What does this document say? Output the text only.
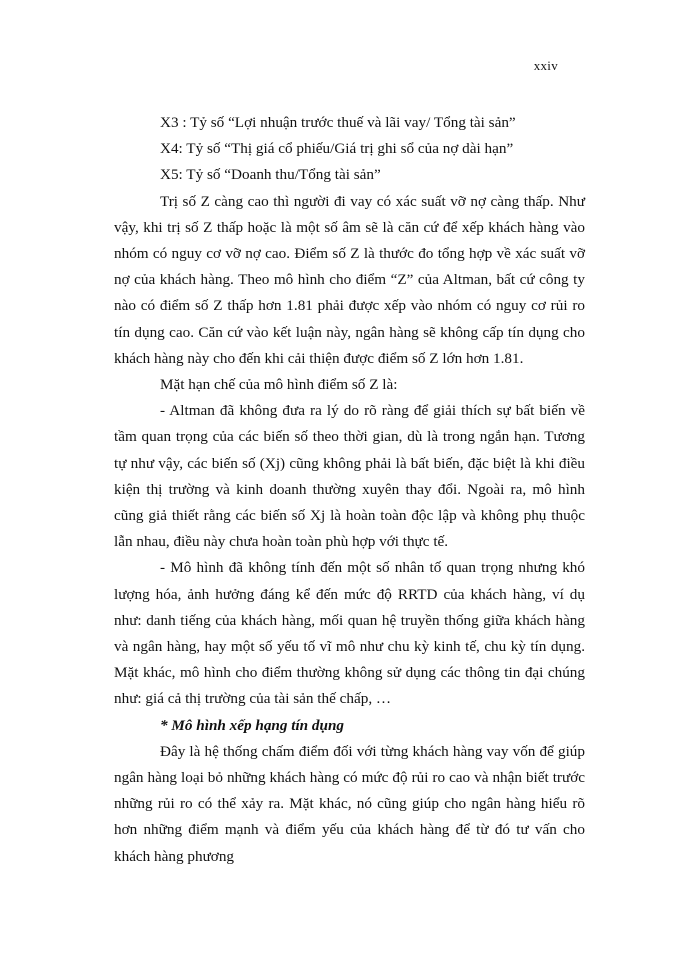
xxiv

X3 : Tỷ số “Lợi nhuận trước thuế và lãi vay/ Tổng tài sản”

X4: Tỷ số “Thị giá cổ phiếu/Giá trị ghi sổ của nợ dài hạn”

X5: Tỷ số “Doanh thu/Tổng tài sản”

Trị số Z càng cao thì người đi vay có xác suất vỡ nợ càng thấp. Như vậy, khi trị số Z thấp hoặc là một số âm sẽ là căn cứ để xếp khách hàng vào nhóm có nguy cơ vỡ nợ cao. Điểm số Z là thước đo tổng hợp về xác suất vỡ nợ của khách hàng. Theo mô hình cho điểm “Z” của Altman, bất cứ công ty nào có điểm số Z thấp hơn 1.81 phải được xếp vào nhóm có nguy cơ rủi ro tín dụng cao. Căn cứ vào kết luận này, ngân hàng sẽ không cấp tín dụng cho khách hàng này cho đến khi cải thiện được điểm số Z lớn hơn 1.81.

Mặt hạn chế của mô hình điểm số Z là:

- Altman đã không đưa ra lý do rõ ràng để giải thích sự bất biến về tầm quan trọng của các biến số theo thời gian, dù là trong ngắn hạn. Tương tự như vậy, các biến số (Xj) cũng không phải là bất biến, đặc biệt là khi điều kiện thị trường và kinh doanh thường xuyên thay đổi. Ngoài ra, mô hình cũng giả thiết rằng các biến số Xj là hoàn toàn độc lập và không phụ thuộc lẫn nhau, điều này chưa hoàn toàn phù hợp với thực tế.

- Mô hình đã không tính đến một số nhân tố quan trọng nhưng khó lượng hóa, ảnh hưởng đáng kể đến mức độ RRTD của khách hàng, ví dụ như: danh tiếng của khách hàng, mối quan hệ truyền thống giữa khách hàng và ngân hàng, hay một số yếu tố vĩ mô như chu kỳ kinh tế, chu kỳ tín dụng. Mặt khác, mô hình cho điểm thường không sử dụng các thông tin đại chúng như: giá cả thị trường của tài sản thế chấp, …

* Mô hình xếp hạng tín dụng

Đây là hệ thống chấm điểm đối với từng khách hàng vay vốn để giúp ngân hàng loại bỏ những khách hàng có mức độ rủi ro cao và nhận biết trước những rủi ro có thể xảy ra. Mặt khác, nó cũng giúp cho ngân hàng hiểu rõ hơn những điểm mạnh và điểm yếu của khách hàng để từ đó tư vấn cho khách hàng phương
